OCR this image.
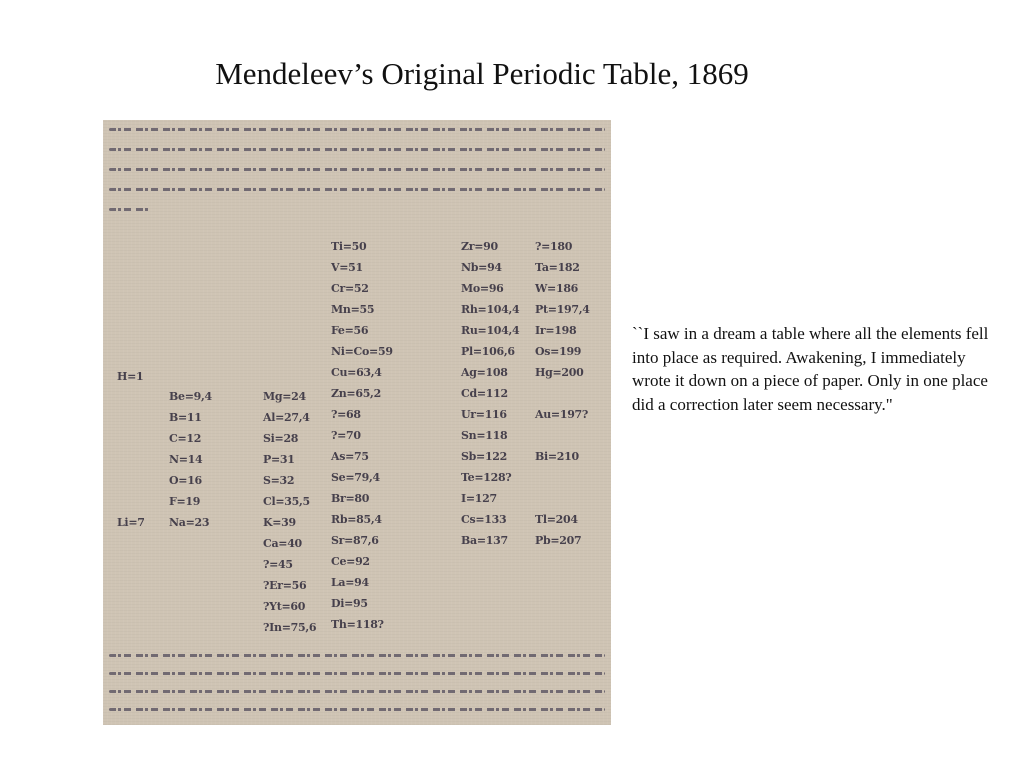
Mendeleev’s Original Periodic Table, 1869
H=1
Li=7
Be=9,4
B=11
C=12
N=14
O=16
F=19
Na=23
Mg=24
Al=27,4
Si=28
P=31
S=32
Cl=35,5
K=39
Ca=40
?=45
?Er=56
?Yt=60
?In=75,6
Ti=50
V=51
Cr=52
Mn=55
Fe=56
Ni=Co=59
Cu=63,4
Zn=65,2
?=68
?=70
As=75
Se=79,4
Br=80
Rb=85,4
Sr=87,6
Ce=92
La=94
Di=95
Th=118?
Zr=90
Nb=94
Mo=96
Rh=104,4
Ru=104,4
Pl=106,6
Ag=108
Cd=112
Ur=116
Sn=118
Sb=122
Te=128?
I=127
Cs=133
Ba=137
?=180
Ta=182
W=186
Pt=197,4
Ir=198
Os=199
Hg=200
Au=197?
Bi=210
Tl=204
Pb=207
``I saw in a dream a table where all the elements fell into place as required. Awakening, I immediately wrote it down on a piece of paper. Only in one place did a correction later seem necessary."
